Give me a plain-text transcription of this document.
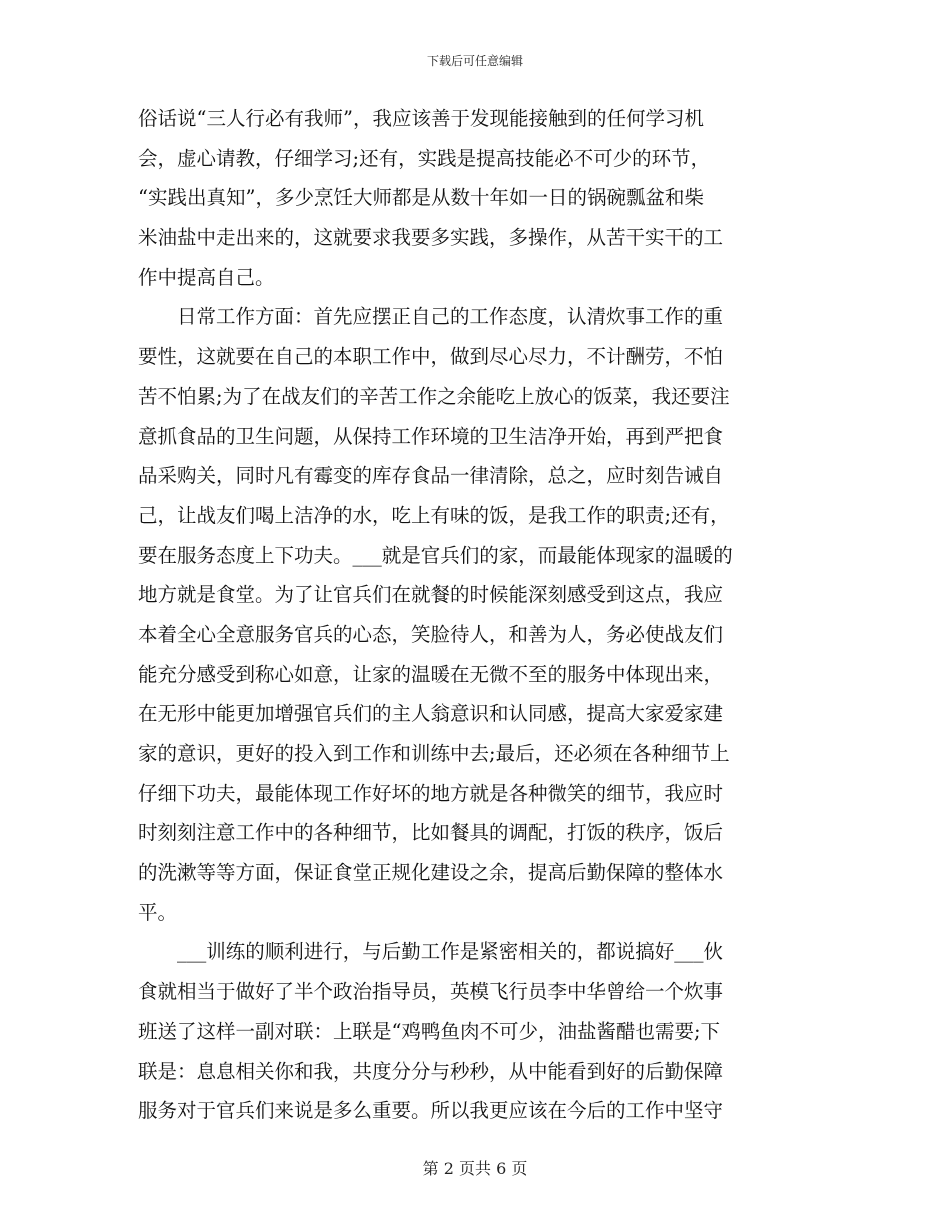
下载后可任意编辑
俗话说“三人行必有我师”，我应该善于发现能接触到的任何学习机
会，虚心请教，仔细学习;还有，实践是提高技能必不可少的环节，
“实践出真知”，多少烹饪大师都是从数十年如一日的锅碗瓢盆和柴
米油盐中走出来的，这就要求我要多实践，多操作，从苦干实干的工
作中提高自己。
　　日常工作方面：首先应摆正自己的工作态度，认清炊事工作的重
要性，这就要在自己的本职工作中，做到尽心尽力，不计酬劳，不怕
苦不怕累;为了在战友们的辛苦工作之余能吃上放心的饭菜，我还要注
意抓食品的卫生问题，从保持工作环境的卫生洁净开始，再到严把食
品采购关，同时凡有霉变的库存食品一律清除，总之，应时刻告诫自
己，让战友们喝上洁净的水，吃上有味的饭，是我工作的职责;还有，
要在服务态度上下功夫。___就是官兵们的家，而最能体现家的温暖的
地方就是食堂。为了让官兵们在就餐的时候能深刻感受到这点，我应
本着全心全意服务官兵的心态，笑脸待人，和善为人，务必使战友们
能充分感受到称心如意，让家的温暖在无微不至的服务中体现出来，
在无形中能更加增强官兵们的主人翁意识和认同感，提高大家爱家建
家的意识，更好的投入到工作和训练中去;最后，还必须在各种细节上
仔细下功夫，最能体现工作好坏的地方就是各种微笑的细节，我应时
时刻刻注意工作中的各种细节，比如餐具的调配，打饭的秩序，饭后
的洗漱等等方面，保证食堂正规化建设之余，提高后勤保障的整体水
平。
　　___训练的顺利进行，与后勤工作是紧密相关的，都说搞好___伙
食就相当于做好了半个政治指导员，英模飞行员李中华曾给一个炊事
班送了这样一副对联：上联是“鸡鸭鱼肉不可少，油盐酱醋也需要;下
联是：息息相关你和我，共度分分与秒秒，从中能看到好的后勤保障
服务对于官兵们来说是多么重要。所以我更应该在今后的工作中坚守
第 2 页共 6 页
